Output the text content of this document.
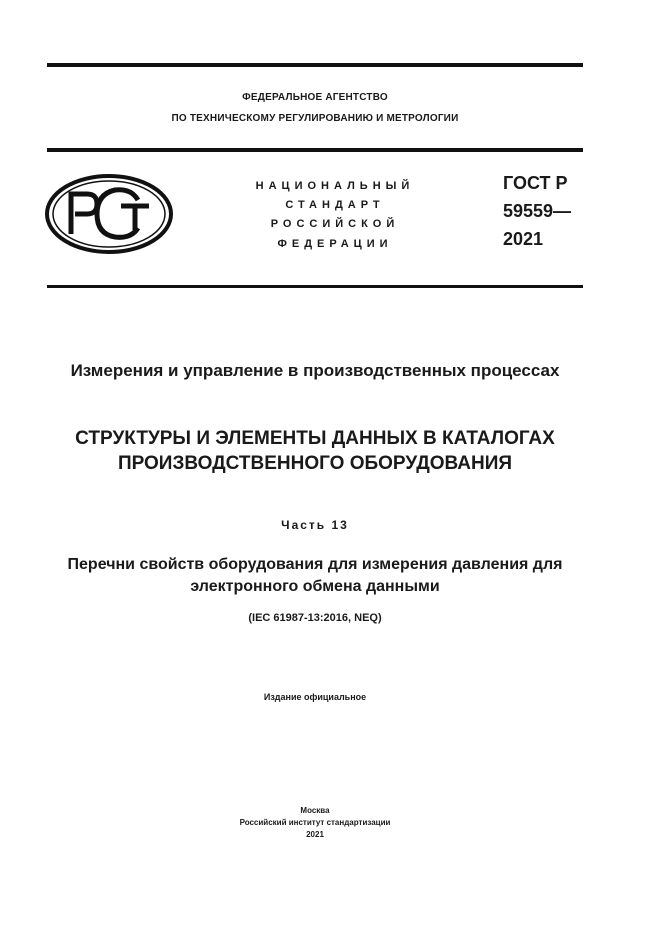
ФЕДЕРАЛЬНОЕ АГЕНТСТВО
ПО ТЕХНИЧЕСКОМУ РЕГУЛИРОВАНИЮ И МЕТРОЛОГИИ
НАЦИОНАЛЬНЫЙ
СТАНДАРТ
РОССИЙСКОЙ
ФЕДЕРАЦИИ
ГОСТ Р
59559—
2021
Измерения и управление в производственных процессах
СТРУКТУРЫ И ЭЛЕМЕНТЫ ДАННЫХ В КАТАЛОГАХ ПРОИЗВОДСТВЕННОГО ОБОРУДОВАНИЯ
Часть 13
Перечни свойств оборудования для измерения давления для электронного обмена данными
(IEC 61987-13:2016, NEQ)
Издание официальное
Москва
Российский институт стандартизации
2021
